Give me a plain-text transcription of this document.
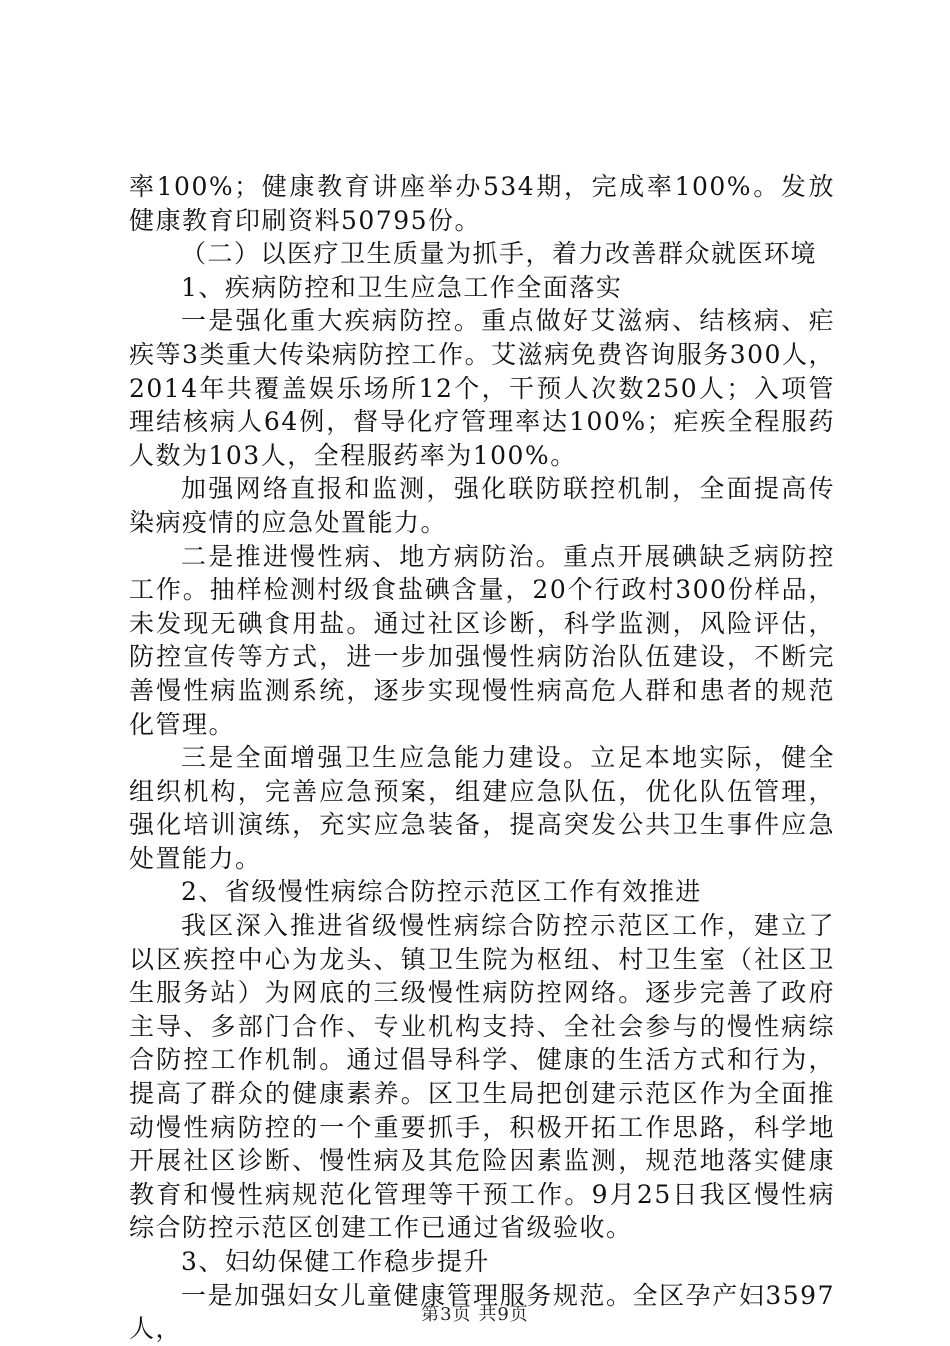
率100%；健康教育讲座举办534期，完成率100%。发放健康教育印刷资料50795份。

（二）以医疗卫生质量为抓手，着力改善群众就医环境

1、疾病防控和卫生应急工作全面落实

一是强化重大疾病防控。重点做好艾滋病、结核病、疟疾等3类重大传染病防控工作。艾滋病免费咨询服务300人，2014年共覆盖娱乐场所12个，干预人次数250人；入项管理结核病人64例，督导化疗管理率达100%；疟疾全程服药人数为103人，全程服药率为100%。

加强网络直报和监测，强化联防联控机制，全面提高传染病疫情的应急处置能力。

二是推进慢性病、地方病防治。重点开展碘缺乏病防控工作。抽样检测村级食盐碘含量，20个行政村300份样品，未发现无碘食用盐。通过社区诊断，科学监测，风险评估，防控宣传等方式，进一步加强慢性病防治队伍建设，不断完善慢性病监测系统，逐步实现慢性病高危人群和患者的规范化管理。

三是全面增强卫生应急能力建设。立足本地实际，健全组织机构，完善应急预案，组建应急队伍，优化队伍管理，强化培训演练，充实应急装备，提高突发公共卫生事件应急处置能力。

2、省级慢性病综合防控示范区工作有效推进

我区深入推进省级慢性病综合防控示范区工作，建立了以区疾控中心为龙头、镇卫生院为枢纽、村卫生室（社区卫生服务站）为网底的三级慢性病防控网络。逐步完善了政府主导、多部门合作、专业机构支持、全社会参与的慢性病综合防控工作机制。通过倡导科学、健康的生活方式和行为，提高了群众的健康素养。区卫生局把创建示范区作为全面推动慢性病防控的一个重要抓手，积极开拓工作思路，科学地开展社区诊断、慢性病及其危险因素监测，规范地落实健康教育和慢性病规范化管理等干预工作。9月25日我区慢性病综合防控示范区创建工作已通过省级验收。

3、妇幼保健工作稳步提升

一是加强妇女儿童健康管理服务规范。全区孕产妇3597人，	第3页 共9页
